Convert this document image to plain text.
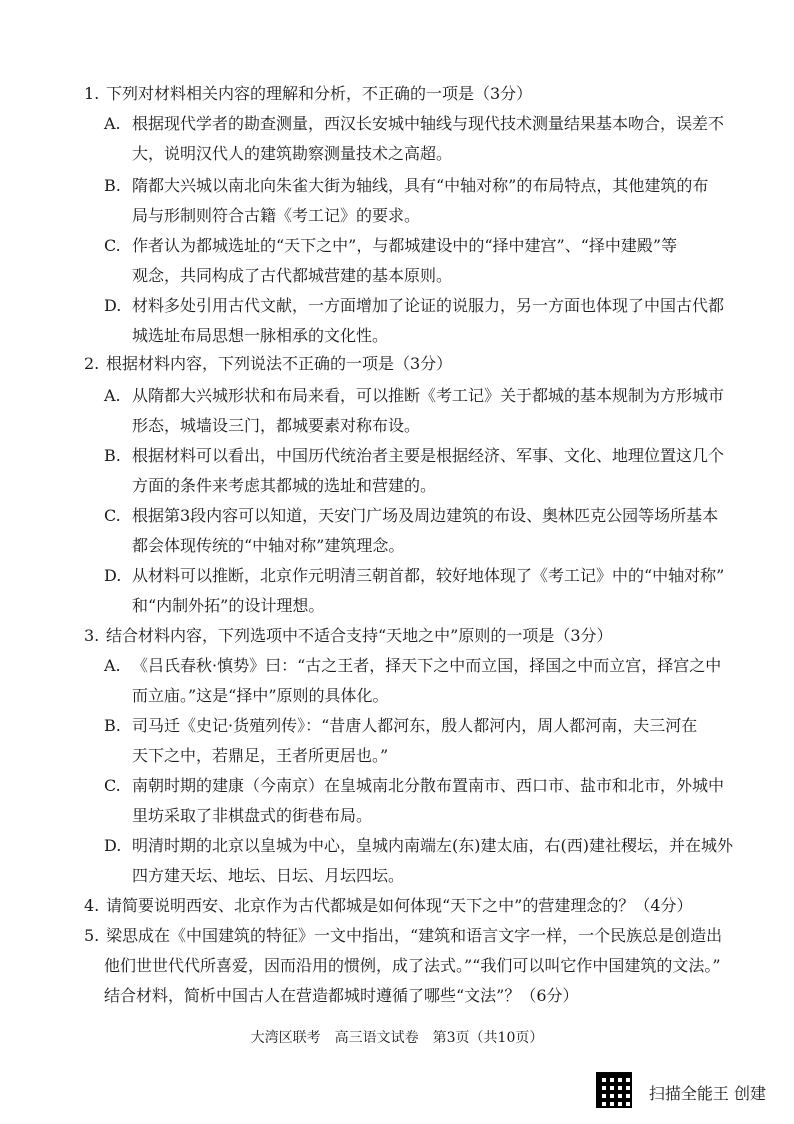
1. 下列对材料相关内容的理解和分析，不正确的一项是（3分）
A. 根据现代学者的勘查测量，西汉长安城中轴线与现代技术测量结果基本吻合，误差不
大，说明汉代人的建筑勘察测量技术之高超。
B. 隋都大兴城以南北向朱雀大街为轴线，具有“中轴对称”的布局特点，其他建筑的布
局与形制则符合古籍《考工记》的要求。
C. 作者认为都城选址的“天下之中”，与都城建设中的“择中建宫”、“择中建殿”等
观念，共同构成了古代都城营建的基本原则。
D. 材料多处引用古代文献，一方面增加了论证的说服力，另一方面也体现了中国古代都
城选址布局思想一脉相承的文化性。
2. 根据材料内容，下列说法不正确的一项是（3分）
A. 从隋都大兴城形状和布局来看，可以推断《考工记》关于都城的基本规制为方形城市
形态，城墙设三门，都城要素对称布设。
B. 根据材料可以看出，中国历代统治者主要是根据经济、军事、文化、地理位置这几个
方面的条件来考虑其都城的选址和营建的。
C. 根据第3段内容可以知道，天安门广场及周边建筑的布设、奥林匹克公园等场所基本
都会体现传统的“中轴对称”建筑理念。
D. 从材料可以推断，北京作元明清三朝首都，较好地体现了《考工记》中的“中轴对称”
和“内制外拓”的设计理想。
3. 结合材料内容，下列选项中不适合支持“天地之中”原则的一项是（3分）
A. 《吕氏春秋·慎势》曰：“古之王者，择天下之中而立国，择国之中而立宫，择宫之中
而立庙。”这是“择中”原则的具体化。
B. 司马迁《史记·货殖列传》：“昔唐人都河东，殷人都河内，周人都河南，夫三河在
天下之中，若鼎足，王者所更居也。”
C. 南朝时期的建康（今南京）在皇城南北分散布置南市、西口市、盐市和北市，外城中
里坊采取了非棋盘式的街巷布局。
D. 明清时期的北京以皇城为中心，皇城内南端左(东)建太庙，右(西)建社稷坛，并在城外
四方建天坛、地坛、日坛、月坛四坛。
4. 请简要说明西安、北京作为古代都城是如何体现“天下之中”的营建理念的？（4分）
5. 梁思成在《中国建筑的特征》一文中指出，“建筑和语言文字一样，一个民族总是创造出
他们世世代代所喜爱，因而沿用的惯例，成了法式。”“我们可以叫它作中国建筑的文法。”
结合材料，简析中国古人在营造都城时遵循了哪些“文法”？（6分）
大湾区联考　高三语文试卷　第3页（共10页）
扫描全能王 创建
